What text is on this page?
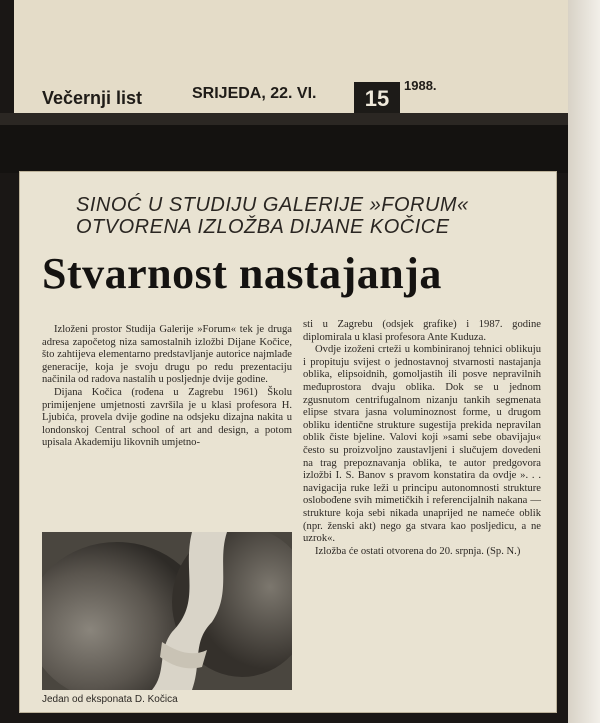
Večernji list	SRIJEDA, 22. VI.	15
1988.
SINOĆ U STUDIJU GALERIJE »FORUM«
OTVORENA IZLOŽBA DIJANE KOČICE
Stvarnost nastajanja

Izloženi prostor Studija Galerije »Forum« tek je druga adresa započetog niza samostalnih izložbi Dijane Kočice, što zahtijeva elementarno predstavljanje autorice najmlađe generacije, koja je svoju drugu po redu prezentaciju načinila od radova nastalih u posljednje dvije godine.

Dijana Kočica (rođena u Zagrebu 1961) Školu primijenjene umjetnosti završila je u klasi profesora H. Ljubića, provela dvije godine na odsjeku dizajna nakita u londonskoj Central school of art and design, a potom upisala Akademiju likovnih umjetno-

Jedan od eksponata D. Kočica

sti u Zagrebu (odsjek grafike) i 1987. godine diplomirala u klasi profesora Ante Kuduza.

Ovdje izoženi crteži u kombiniranoj tehnici oblikuju i propituju svijest o jednostavnoj stvarnosti nastajanja oblika, elipsoidnih, gomoljastih ili posve nepravilnih međuprostora dvaju oblika. Dok se u jednom zgusnutom centrifugalnom nizanju tankih segmenata elipse stvara jasna voluminoznost forme, u drugom obliku identične strukture sugestija prekida nepravilan oblik čiste bjeline. Valovi koji »sami sebe obavijaju« često su proizvoljno zaustavljeni i slučujem dovedeni na trag prepoznavanja oblika, te autor predgovora izložbi I. S. Banov s pravom konstatira da ovdje ». . . navigacija ruke leži u principu autonomnosti strukture oslobođene svih mimetičkih i referencijalnih nakana — strukture koja sebi nikada unaprijed ne nameće oblik (npr. ženski akt) nego ga stvara kao posljedicu, a ne uzrok«.

Izložba će ostati otvorena do 20. srpnja. (Sp. N.)
